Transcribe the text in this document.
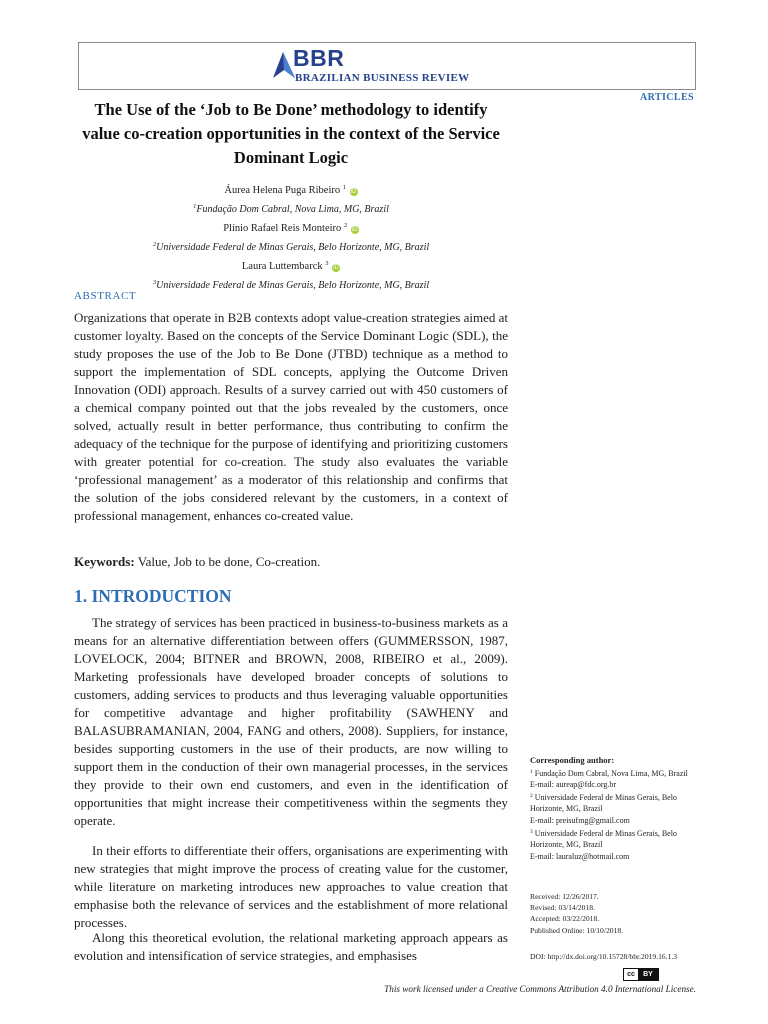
BBR
BRAZILIAN BUSINESS REVIEW
ARTICLES
The Use of the ‘Job to Be Done’ methodology to identify value co-creation opportunities in the context of the Service Dominant Logic
Áurea Helena Puga Ribeiro $^1$ iD
$^1$Fundação Dom Cabral, Nova Lima, MG, Brazil
Plínio Rafael Reis Monteiro $^2$ iD
$^2$Universidade Federal de Minas Gerais, Belo Horizonte, MG, Brazil
Laura Luttembarck $^3$ iD
$^3$Universidade Federal de Minas Gerais, Belo Horizonte, MG, Brazil
ABSTRACT
Organizations that operate in B2B contexts adopt value-creation strategies aimed at customer loyalty. Based on the concepts of the Service Dominant Logic (SDL), the study proposes the use of the Job to Be Done (JTBD) technique as a method to support the implementation of SDL concepts, applying the Outcome Driven Innovation (ODI) approach. Results of a survey carried out with 450 customers of a chemical company pointed out that the jobs revealed by the customers, once solved, actually result in better performance, thus contributing to confirm the adequacy of the technique for the purpose of identifying and prioritizing customers with greater potential for co-creation. The study also evaluates the variable ‘professional management’ as a moderator of this relationship and confirms that the solution of the jobs considered relevant by the customers, in a context of professional management, enhances co-created value.
Keywords: Value, Job to be done, Co-creation.
1. INTRODUCTION
The strategy of services has been practiced in business-to-business markets as a means for an alternative differentiation between offers (GUMMERSSON, 1987, LOVELOCK, 2004; BITNER and BROWN, 2008, RIBEIRO et al., 2009). Marketing professionals have developed broader concepts of solutions to customers, adding services to products and thus leveraging valuable opportunities for competitive advantage and higher profitability (SAWHENY and BALASUBRAMANIAN, 2004, FANG and others, 2008). Suppliers, for instance, besides supporting customers in the use of their products, are now willing to support them in the conduction of their own managerial processes, in the services they provide to their own end customers, and even in the identification of opportunities that might increase their competitiveness within the segments they operate.
In their efforts to differentiate their offers, organisations are experimenting with new strategies that might improve the process of creating value for the customer, while literature on marketing introduces new approaches to value creation that emphasise both the relevance of services and the establishment of more relational processes.
Along this theoretical evolution, the relational marketing approach appears as evolution and intensification of service strategies, and emphasises
Corresponding author:
$^1$ Fundação Dom Cabral, Nova Lima, MG, Brazil
E-mail: aureap@fdc.org.br
$^2$ Universidade Federal de Minas Gerais, Belo Horizonte, MG, Brazil
E-mail: preisufmg@gmail.com
$^3$ Universidade Federal de Minas Gerais, Belo Horizonte, MG, Brazil
E-mail: lauraluz@hotmail.com
Received: 12/26/2017.
Revised: 03/14/2018.
Accepted: 03/22/2018.
Published Online: 10/10/2018.
DOI: http://dx.doi.org/10.15728/bbr.2019.16.1.3
cc	BY
This work licensed under a Creative Commons Attribution 4.0 International License.
